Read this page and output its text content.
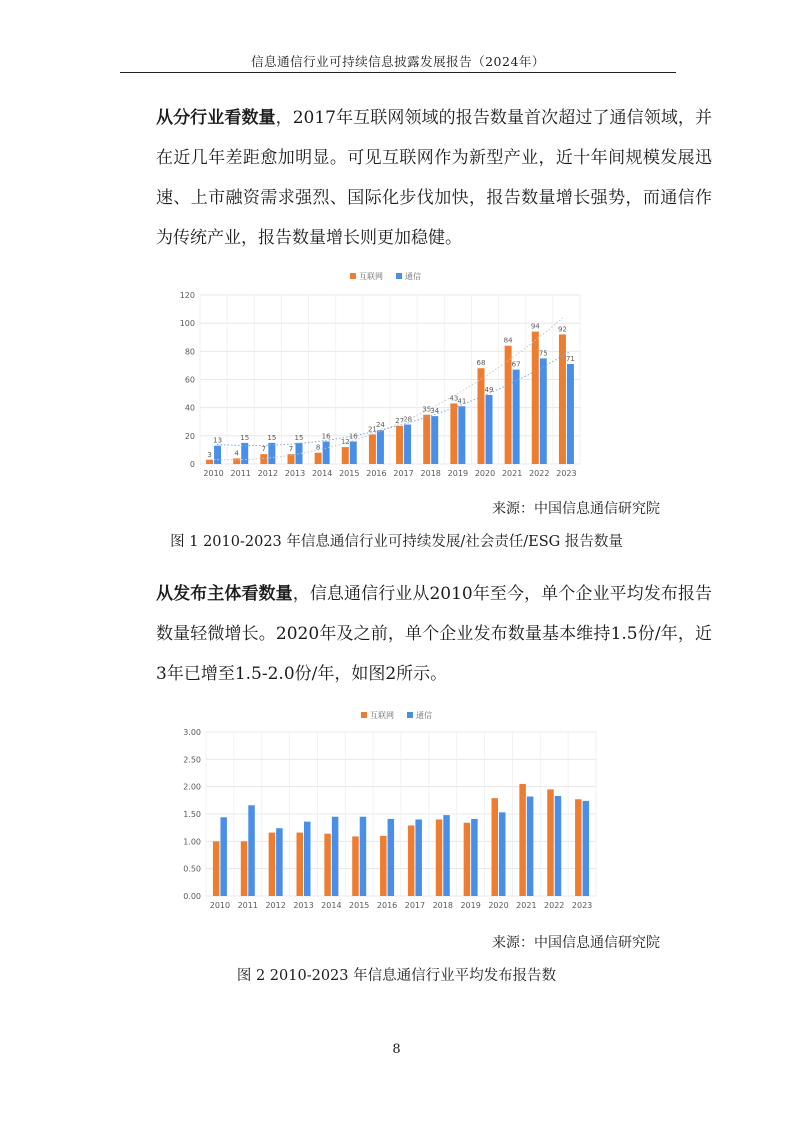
信息通信行业可持续信息披露发展报告（2024年）
从分行业看数量，2017年互联网领域的报告数量首次超过了通信领域，并在近几年差距愈加明显。可见互联网作为新型产业，近十年间规模发展迅速、上市融资需求强烈、国际化步伐加快，报告数量增长强势，而通信作为传统产业，报告数量增长则更加稳健。
互联网	通信
0
20
40
60
80
100
120
3
13
2010
4
15
2011
7
15
2012
7
15
2013
8
16
2014
12
16
2015
21
24
2016
27 28
2017
35 34
2018
43 41
2019
68
49
2020
84
67
2021
94
75
2022
92
71
2023
来源：中国信息通信研究院
图 1 2010-2023 年信息通信行业可持续发展/社会责任/ESG 报告数量
从发布主体看数量，信息通信行业从2010年至今，单个企业平均发布报告数量轻微增长。2020年及之前，单个企业发布数量基本维持1.5份/年，近3年已增至1.5-2.0份/年，如图2所示。
互联网	通信
0.00
0.50
1.00
1.50
2.00
2.50
3.00
2010 2011 2012 2013 2014 2015 2016 2017 2018 2019 2020 2021 2022 2023
来源：中国信息通信研究院
图 2 2010-2023 年信息通信行业平均发布报告数
8
